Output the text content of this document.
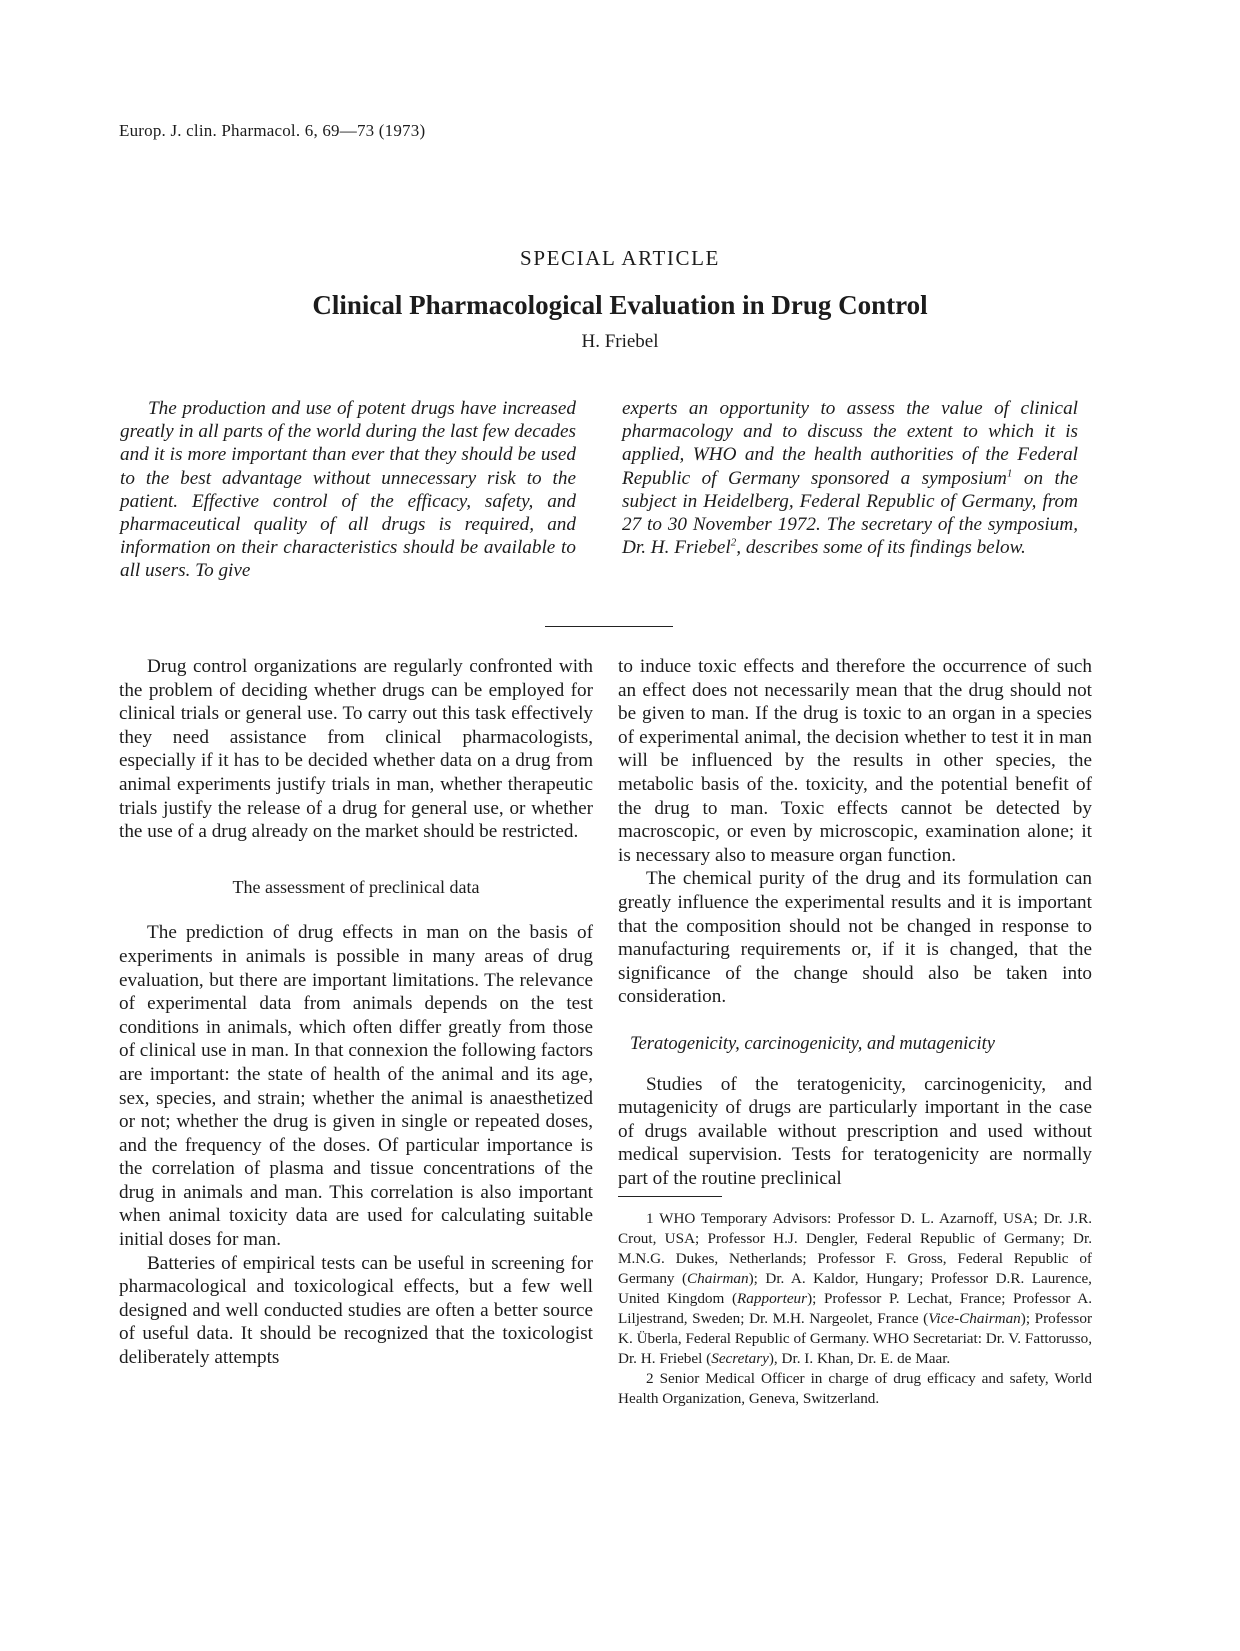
Europ. J. clin. Pharmacol. 6, 69—73 (1973)
SPECIAL ARTICLE
Clinical Pharmacological Evaluation in Drug Control
H. Friebel

The production and use of potent drugs have increased greatly in all parts of the world during the last few decades and it is more important than ever that they should be used to the best advantage without unnecessary risk to the patient. Effective control of the efficacy, safety, and pharmaceutical quality of all drugs is required, and information on their characteristics should be available to all users. To give

experts an opportunity to assess the value of clinical pharmacology and to discuss the extent to which it is applied, WHO and the health authorities of the Federal Republic of Germany sponsored a symposium$^1$ on the subject in Heidelberg, Federal Republic of Germany, from 27 to 30 November 1972. The secretary of the symposium, Dr. H. Friebel$^2$, describes some of its findings below.

Drug control organizations are regularly confronted with the problem of deciding whether drugs can be employed for clinical trials or general use. To carry out this task effectively they need assistance from clinical pharmacologists, especially if it has to be decided whether data on a drug from animal experiments justify trials in man, whether therapeutic trials justify the release of a drug for general use, or whether the use of a drug already on the market should be restricted.

The assessment of preclinical data

The prediction of drug effects in man on the basis of experiments in animals is possible in many areas of drug evaluation, but there are important limitations. The relevance of experimental data from animals depends on the test conditions in animals, which often differ greatly from those of clinical use in man. In that connexion the following factors are important: the state of health of the animal and its age, sex, species, and strain; whether the animal is anaesthetized or not; whether the drug is given in single or repeated doses, and the frequency of the doses. Of particular importance is the correlation of plasma and tissue concentrations of the drug in animals and man. This correlation is also important when animal toxicity data are used for calculating suitable initial doses for man.

Batteries of empirical tests can be useful in screening for pharmacological and toxicological effects, but a few well designed and well conducted studies are often a better source of useful data. It should be recognized that the toxicologist deliberately attempts

to induce toxic effects and therefore the occurrence of such an effect does not necessarily mean that the drug should not be given to man. If the drug is toxic to an organ in a species of experimental animal, the decision whether to test it in man will be influenced by the results in other species, the metabolic basis of the. toxicity, and the potential benefit of the drug to man. Toxic effects cannot be detected by macroscopic, or even by microscopic, examination alone; it is necessary also to measure organ function.

The chemical purity of the drug and its formulation can greatly influence the experimental results and it is important that the composition should not be changed in response to manufacturing requirements or, if it is changed, that the significance of the change should also be taken into consideration.

Teratogenicity, carcinogenicity, and mutagenicity

Studies of the teratogenicity, carcinogenicity, and mutagenicity of drugs are particularly important in the case of drugs available without prescription and used without medical supervision. Tests for teratogenicity are normally part of the routine preclinical

1 WHO Temporary Advisors: Professor D. L. Azarnoff, USA; Dr. J.R. Crout, USA; Professor H.J. Dengler, Federal Republic of Germany; Dr. M.N.G. Dukes, Netherlands; Professor F. Gross, Federal Republic of Germany (Chairman); Dr. A. Kaldor, Hungary; Professor D.R. Laurence, United Kingdom (Rapporteur); Professor P. Lechat, France; Professor A. Liljestrand, Sweden; Dr. M.H. Nargeolet, France (Vice-Chairman); Professor K. Überla, Federal Republic of Germany. WHO Secretariat: Dr. V. Fattorusso, Dr. H. Friebel (Secretary), Dr. I. Khan, Dr. E. de Maar.

2 Senior Medical Officer in charge of drug efficacy and safety, World Health Organization, Geneva, Switzerland.
